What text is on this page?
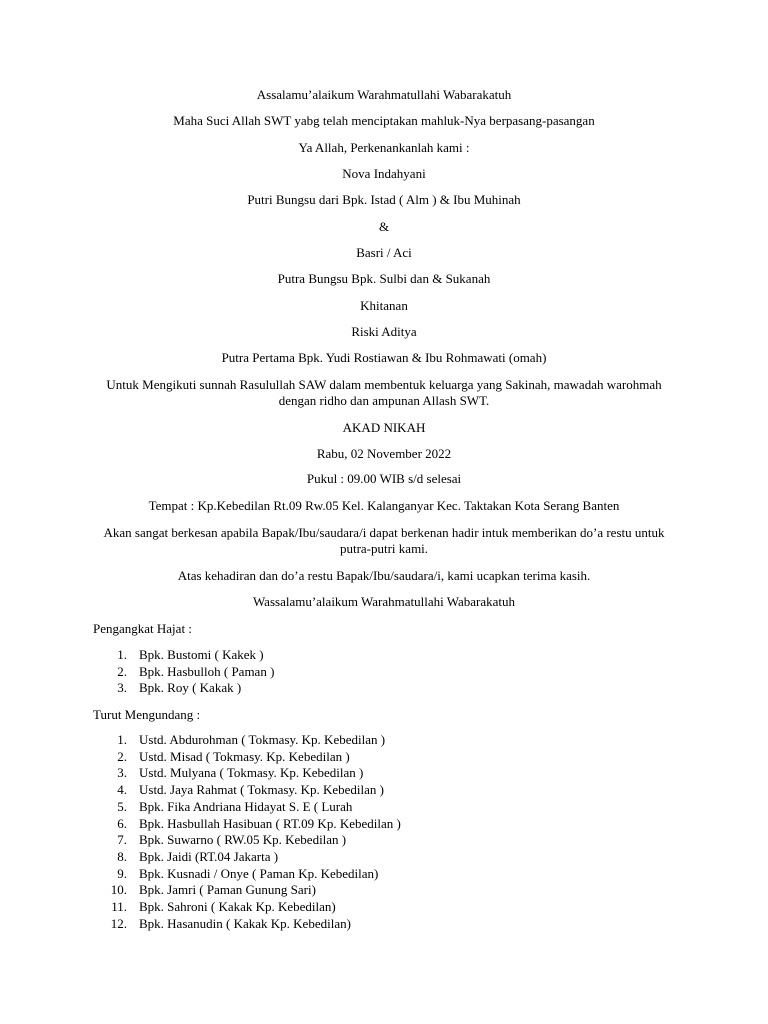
Assalamu’alaikum Warahmatullahi Wabarakatuh
Maha Suci Allah SWT yabg telah menciptakan mahluk-Nya berpasang-pasangan
Ya Allah, Perkenankanlah kami :
Nova Indahyani
Putri Bungsu dari Bpk. Istad ( Alm ) & Ibu Muhinah
&
Basri / Aci
Putra Bungsu Bpk. Sulbi dan & Sukanah
Khitanan
Riski Aditya
Putra Pertama Bpk. Yudi Rostiawan & Ibu Rohmawati (omah)
Untuk Mengikuti sunnah Rasulullah SAW dalam membentuk keluarga yang Sakinah, mawadah warohmah dengan ridho dan ampunan Allash SWT.
AKAD NIKAH
Rabu, 02 November 2022
Pukul : 09.00 WIB s/d selesai
Tempat : Kp.Kebedilan Rt.09 Rw.05 Kel. Kalanganyar Kec. Taktakan Kota Serang Banten
Akan sangat berkesan apabila Bapak/Ibu/saudara/i dapat berkenan hadir intuk memberikan do’a restu untuk putra-putri kami.
Atas kehadiran dan do’a restu Bapak/Ibu/saudara/i, kami ucapkan terima kasih.
Wassalamu’alaikum Warahmatullahi Wabarakatuh
Pengangkat Hajat :
1. Bpk. Bustomi ( Kakek )
2. Bpk. Hasbulloh ( Paman )
3. Bpk. Roy ( Kakak )
Turut Mengundang :
1. Ustd. Abdurohman ( Tokmasy. Kp. Kebedilan )
2. Ustd. Misad ( Tokmasy. Kp. Kebedilan )
3. Ustd. Mulyana ( Tokmasy. Kp. Kebedilan )
4. Ustd. Jaya Rahmat ( Tokmasy. Kp. Kebedilan )
5. Bpk. Fika Andriana Hidayat S. E ( Lurah
6. Bpk. Hasbullah Hasibuan ( RT.09 Kp. Kebedilan )
7. Bpk. Suwarno ( RW.05 Kp. Kebedilan )
8. Bpk. Jaidi (RT.04 Jakarta )
9. Bpk. Kusnadi / Onye ( Paman Kp. Kebedilan)
10. Bpk. Jamri ( Paman Gunung Sari)
11. Bpk. Sahroni ( Kakak Kp. Kebedilan)
12. Bpk. Hasanudin ( Kakak Kp. Kebedilan)
